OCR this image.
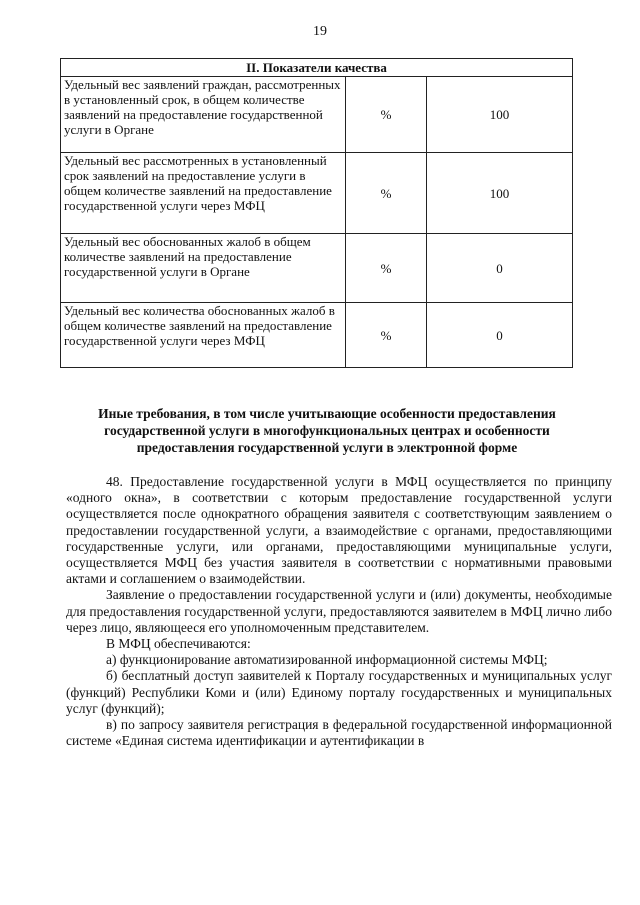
19
II. Показатели качества		
Удельный вес заявлений граждан, рассмотренных в установленный срок, в общем количестве заявлений на предоставление государственной услуги в Органе	%	100
Удельный вес рассмотренных в установленный срок заявлений на предоставление услуги в общем количестве заявлений на предоставление государственной услуги через МФЦ	%	100
Удельный вес обоснованных жалоб в общем количестве заявлений на предоставление государственной услуги в Органе	%	0
Удельный вес количества обоснованных жалоб в общем количестве заявлений на предоставление государственной услуги через МФЦ	%	0
Иные требования, в том числе учитывающие особенности предоставления государственной услуги в многофункциональных центрах и особенности предоставления государственной услуги в электронной форме

48. Предоставление государственной услуги в МФЦ осуществляется по принципу «одного окна», в соответствии с которым предоставление государственной услуги осуществляется после однократного обращения заявителя с соответствующим заявлением о предоставлении государственной услуги, а взаимодействие с органами, предоставляющими государственные услуги, или органами, предоставляющими муниципальные услуги, осуществляется МФЦ без участия заявителя в соответствии с нормативными правовыми актами и соглашением о взаимодействии.

Заявление о предоставлении государственной услуги и (или) документы, необходимые для предоставления государственной услуги, предоставляются заявителем в МФЦ лично либо через лицо, являющееся его уполномоченным представителем.

В МФЦ обеспечиваются:

а) функционирование автоматизированной информационной системы МФЦ;

б) бесплатный доступ заявителей к Порталу государственных и муниципальных услуг (функций) Республики Коми и (или) Единому порталу государственных и муниципальных услуг (функций);

в) по запросу заявителя регистрация в федеральной государственной информационной системе «Единая система идентификации и аутентификации в
